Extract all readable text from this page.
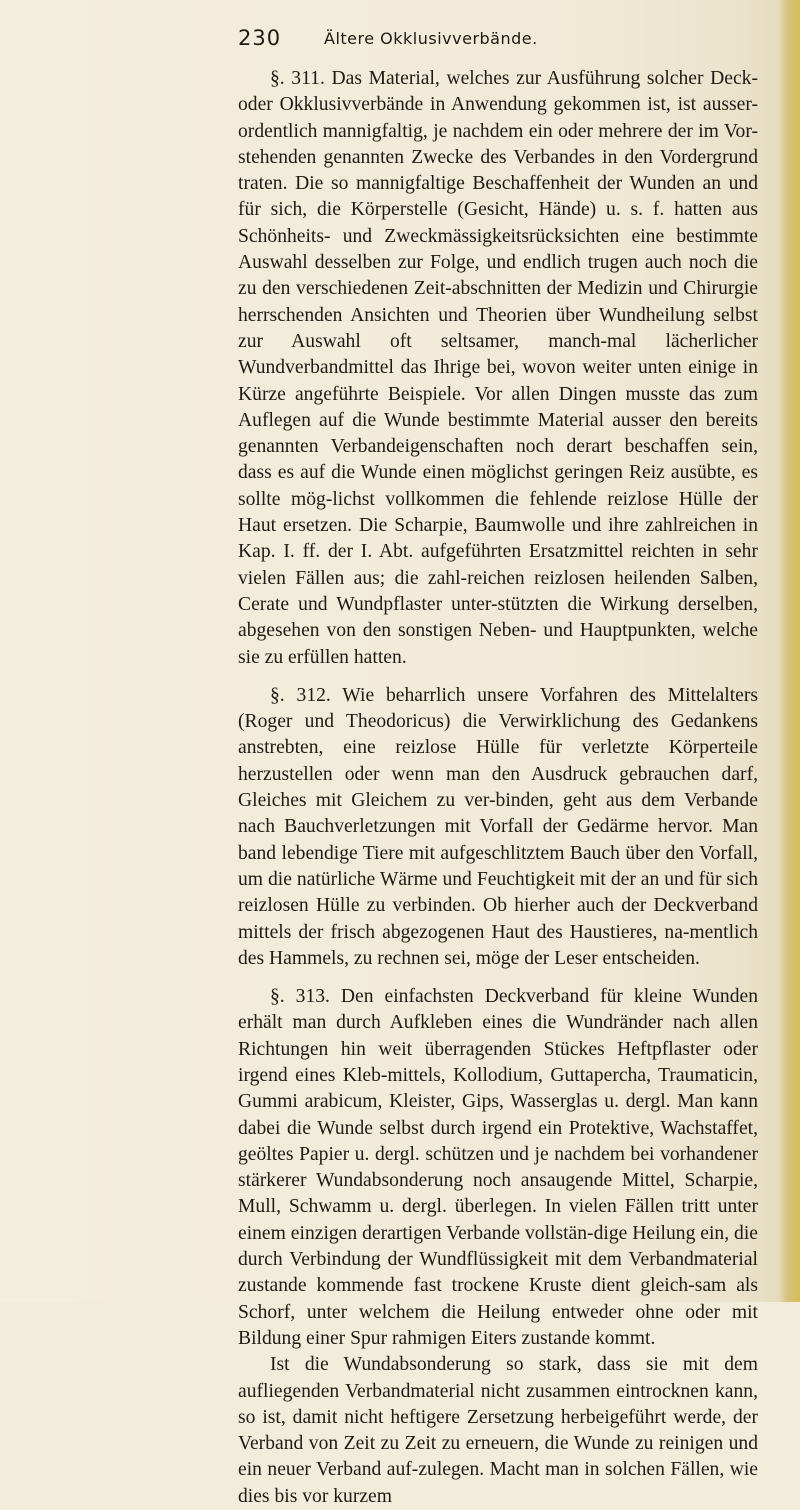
230	Ältere Okklusivverbände.

§. 311. Das Material, welches zur Ausführung solcher Deck- oder Okklusivverbände in Anwendung gekommen ist, ist ausser-ordentlich mannigfaltig, je nachdem ein oder mehrere der im Vor-stehenden genannten Zwecke des Verbandes in den Vordergrund traten. Die so mannigfaltige Beschaffenheit der Wunden an und für sich, die Körperstelle (Gesicht, Hände) u. s. f. hatten aus Schönheits- und Zweckmässigkeitsrücksichten eine bestimmte Auswahl desselben zur Folge, und endlich trugen auch noch die zu den verschiedenen Zeit-abschnitten der Medizin und Chirurgie herrschenden Ansichten und Theorien über Wundheilung selbst zur Auswahl oft seltsamer, manch-mal lächerlicher Wundverbandmittel das Ihrige bei, wovon weiter unten einige in Kürze angeführte Beispiele. Vor allen Dingen musste das zum Auflegen auf die Wunde bestimmte Material ausser den bereits genannten Verbandeigenschaften noch derart beschaffen sein, dass es auf die Wunde einen möglichst geringen Reiz ausübte, es sollte mög-lichst vollkommen die fehlende reizlose Hülle der Haut ersetzen. Die Scharpie, Baumwolle und ihre zahlreichen in Kap. I. ff. der I. Abt. aufgeführten Ersatzmittel reichten in sehr vielen Fällen aus; die zahl-reichen reizlosen heilenden Salben, Cerate und Wundpflaster unter-stützten die Wirkung derselben, abgesehen von den sonstigen Neben- und Hauptpunkten, welche sie zu erfüllen hatten.

§. 312. Wie beharrlich unsere Vorfahren des Mittelalters (Roger und Theodoricus) die Verwirklichung des Gedankens anstrebten, eine reizlose Hülle für verletzte Körperteile herzustellen oder wenn man den Ausdruck gebrauchen darf, Gleiches mit Gleichem zu ver-binden, geht aus dem Verbande nach Bauchverletzungen mit Vorfall der Gedärme hervor. Man band lebendige Tiere mit aufgeschlitztem Bauch über den Vorfall, um die natürliche Wärme und Feuchtigkeit mit der an und für sich reizlosen Hülle zu verbinden. Ob hierher auch der Deckverband mittels der frisch abgezogenen Haut des Haustieres, na-mentlich des Hammels, zu rechnen sei, möge der Leser entscheiden.

§. 313. Den einfachsten Deckverband für kleine Wunden erhält man durch Aufkleben eines die Wundränder nach allen Richtungen hin weit überragenden Stückes Heftpflaster oder irgend eines Kleb-mittels, Kollodium, Guttapercha, Traumaticin, Gummi arabicum, Kleister, Gips, Wasserglas u. dergl. Man kann dabei die Wunde selbst durch irgend ein Protektive, Wachstaffet, geöltes Papier u. dergl. schützen und je nachdem bei vorhandener stärkerer Wundabsonderung noch ansaugende Mittel, Scharpie, Mull, Schwamm u. dergl. überlegen. In vielen Fällen tritt unter einem einzigen derartigen Verbande vollstän-dige Heilung ein, die durch Verbindung der Wundflüssigkeit mit dem Verbandmaterial zustande kommende fast trockene Kruste dient gleich-sam als Schorf, unter welchem die Heilung entweder ohne oder mit Bildung einer Spur rahmigen Eiters zustande kommt.

Ist die Wundabsonderung so stark, dass sie mit dem aufliegenden Verbandmaterial nicht zusammen eintrocknen kann, so ist, damit nicht heftigere Zersetzung herbeigeführt werde, der Verband von Zeit zu Zeit zu erneuern, die Wunde zu reinigen und ein neuer Verband auf-zulegen. Macht man in solchen Fällen, wie dies bis vor kurzem
